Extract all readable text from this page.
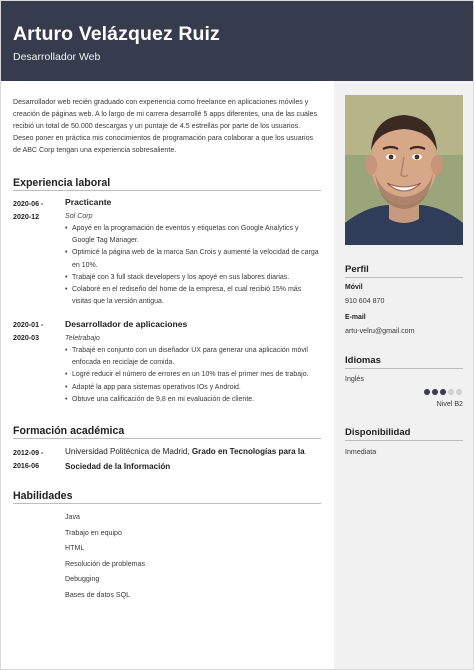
Arturo Velázquez Ruiz
Desarrollador Web
Desarrollador web recién graduado con experiencia como freelance en aplicaciones móviles y creación de páginas web. A lo largo de mi carrera desarrollé 5 apps diferentes, una de las cuales recibió un total de 50.000 descargas y un puntaje de 4.5 estrellas por parte de los usuarios. Deseo poner en práctica mis conocimientos de programación para colaborar a que los usuarios de ABC Corp tengan una experiencia sobresaliente.
Experiencia laboral
2020-06 -
2020-12
Practicante
Sol Corp
• Apoyé en la programación de eventos y etiquetas con Google Analytics y Google Tag Manager.
• Optimicé la página web de la marca San Crois y aumenté la velocidad de carga en 10%.
• Trabajé con 3 full stack developers y los apoyé en sus labores diarias.
• Colaboré en el rediseño del home de la empresa, el cual recibió 15% más visitas que la versión antigua.
2020-01 -
2020-03
Desarrollador de aplicaciones
Teletrabajo
• Trabajé en conjunto con un diseñador UX para generar una aplicación móvil enfocada en reciclaje de comida.
• Logré reducir el número de errores en un 10% tras el primer mes de trabajo.
• Adapté la app para sistemas operativos IOs y Android.
• Obtuve una calificación de 9,8 en mi evaluación de cliente.
Formación académica
2012-09 -
2016-06
Universidad Politécnica de Madrid, Grado en Tecnologías para la Sociedad de la Información
Habilidades
Java
Trabajo en equipo
HTML
Resolución de problemas
Debugging
Bases de datos SQL
Perfil
Móvil
910 604 870
E-mail
artu-velru@gmail.com
Idiomas
Inglés
Nivel B2
Disponibilidad
Inmediata
